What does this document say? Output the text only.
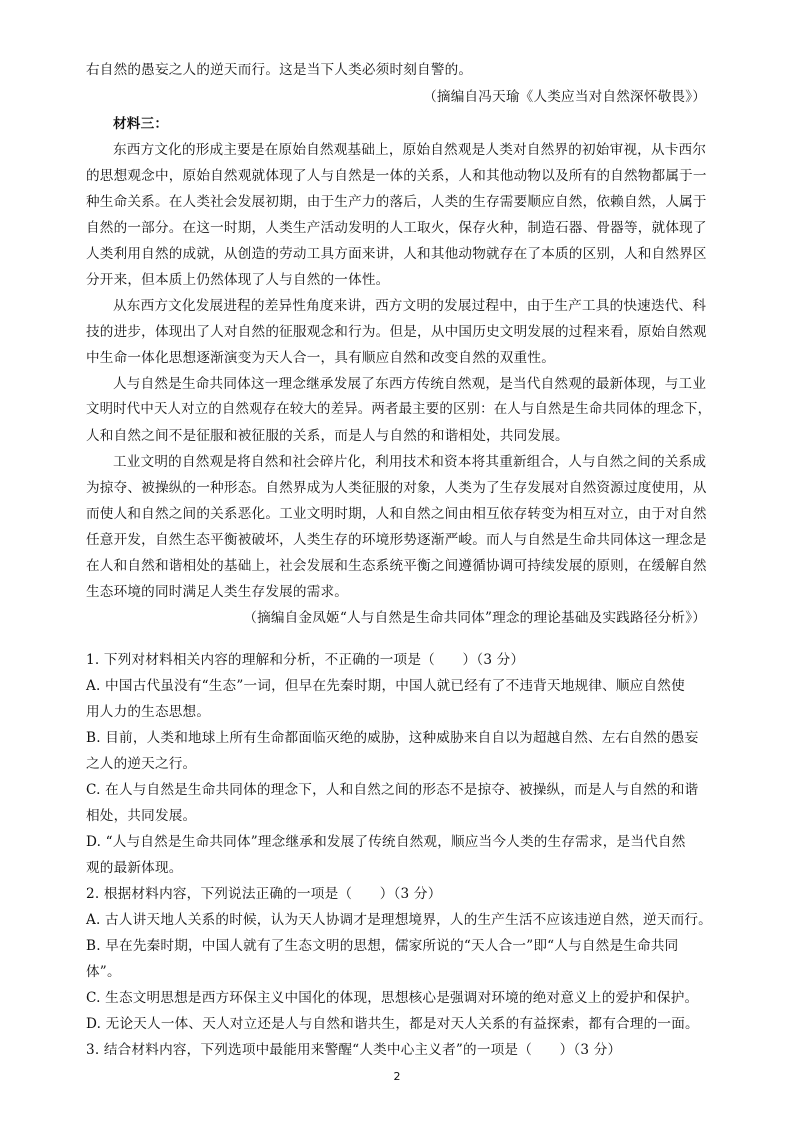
右自然的愚妄之人的逆天而行。这是当下人类必须时刻自警的。
（摘编自冯天瑜《人类应当对自然深怀敬畏》）
材料三：
东西方文化的形成主要是在原始自然观基础上，原始自然观是人类对自然界的初始审视，从卡西尔
的思想观念中，原始自然观就体现了人与自然是一体的关系，人和其他动物以及所有的自然物都属于一
种生命关系。在人类社会发展初期，由于生产力的落后，人类的生存需要顺应自然，依赖自然，人属于
自然的一部分。在这一时期，人类生产活动发明的人工取火，保存火种，制造石器、骨器等，就体现了
人类利用自然的成就，从创造的劳动工具方面来讲，人和其他动物就存在了本质的区别，人和自然界区
分开来，但本质上仍然体现了人与自然的一体性。
从东西方文化发展进程的差异性角度来讲，西方文明的发展过程中，由于生产工具的快速迭代、科
技的进步，体现出了人对自然的征服观念和行为。但是，从中国历史文明发展的过程来看，原始自然观
中生命一体化思想逐渐演变为天人合一，具有顺应自然和改变自然的双重性。
人与自然是生命共同体这一理念继承发展了东西方传统自然观，是当代自然观的最新体现，与工业
文明时代中天人对立的自然观存在较大的差异。两者最主要的区别：在人与自然是生命共同体的理念下，
人和自然之间不是征服和被征服的关系，而是人与自然的和谐相处，共同发展。
工业文明的自然观是将自然和社会碎片化，利用技术和资本将其重新组合，人与自然之间的关系成
为掠夺、被操纵的一种形态。自然界成为人类征服的对象，人类为了生存发展对自然资源过度使用，从
而使人和自然之间的关系恶化。工业文明时期，人和自然之间由相互依存转变为相互对立，由于对自然
任意开发，自然生态平衡被破坏，人类生存的环境形势逐渐严峻。而人与自然是生命共同体这一理念是
在人和自然和谐相处的基础上，社会发展和生态系统平衡之间遵循协调可持续发展的原则，在缓解自然
生态环境的同时满足人类生存发展的需求。
（摘编自金凤姬“人与自然是生命共同体”理念的理论基础及实践路径分析》）
1. 下列对材料相关内容的理解和分析，不正确的一项是（　　）（3 分）
A. 中国古代虽没有“生态”一词，但早在先秦时期，中国人就已经有了不违背天地规律、顺应自然使
用人力的生态思想。
B. 目前，人类和地球上所有生命都面临灭绝的威胁，这种威胁来自自以为超越自然、左右自然的愚妄
之人的逆天之行。
C. 在人与自然是生命共同体的理念下，人和自然之间的形态不是掠夺、被操纵，而是人与自然的和谐
相处，共同发展。
D. “人与自然是生命共同体”理念继承和发展了传统自然观，顺应当今人类的生存需求，是当代自然
观的最新体现。
2. 根据材料内容，下列说法正确的一项是（　　）（3 分）
A. 古人讲天地人关系的时候，认为天人协调才是理想境界，人的生产生活不应该违逆自然，逆天而行。
B. 早在先秦时期，中国人就有了生态文明的思想，儒家所说的“天人合一”即“人与自然是生命共同
体”。
C. 生态文明思想是西方环保主义中国化的体现，思想核心是强调对环境的绝对意义上的爱护和保护。
D. 无论天人一体、天人对立还是人与自然和谐共生，都是对天人关系的有益探索，都有合理的一面。
3. 结合材料内容，下列选项中最能用来警醒“人类中心主义者”的一项是（　　）（3 分）
2
